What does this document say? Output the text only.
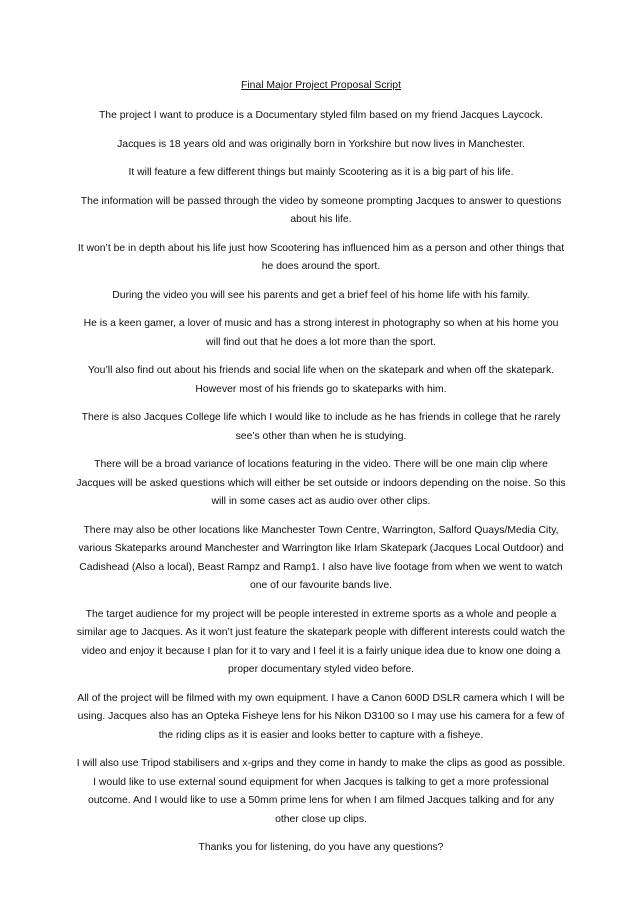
Final Major Project Proposal Script

The project I want to produce is a Documentary styled film based on my friend Jacques Laycock.

Jacques is 18 years old and was originally born in Yorkshire but now lives in Manchester.

It will feature a few different things but mainly Scootering as it is a big part of his life.

The information will be passed through the video by someone prompting Jacques to answer to questions about his life.

It won’t be in depth about his life just how Scootering has influenced him as a person and other things that he does around the sport.

During the video you will see his parents and get a brief feel of his home life with his family.

He is a keen gamer, a lover of music and has a strong interest in photography so when at his home you will find out that he does a lot more than the sport.

You’ll also find out about his friends and social life when on the skatepark and when off the skatepark. However most of his friends go to skateparks with him.

There is also Jacques College life which I would like to include as he has friends in college that he rarely see’s other than when he is studying.

There will be a broad variance of locations featuring in the video. There will be one main clip where Jacques will be asked questions which will either be set outside or indoors depending on the noise. So this will in some cases act as audio over other clips.

There may also be other locations like Manchester Town Centre, Warrington, Salford Quays/Media City, various Skateparks around Manchester and Warrington like Irlam Skatepark (Jacques Local Outdoor) and Cadishead (Also a local), Beast Rampz and Ramp1. I also have live footage from when we went to watch one of our favourite bands live.

The target audience for my project will be people interested in extreme sports as a whole and people a similar age to Jacques. As it won’t just feature the skatepark people with different interests could watch the video and enjoy it because I plan for it to vary and I feel it is a fairly unique idea due to know one doing a proper documentary styled video before.

All of the project will be filmed with my own equipment. I have a Canon 600D DSLR camera which I will be using. Jacques also has an Opteka Fisheye lens for his Nikon D3100 so I may use his camera for a few of the riding clips as it is easier and looks better to capture with a fisheye.

I will also use Tripod stabilisers and x-grips and they come in handy to make the clips as good as possible. I would like to use external sound equipment for when Jacques is talking to get a more professional outcome. And I would like to use a 50mm prime lens for when I am filmed Jacques talking and for any other close up clips.

Thanks you for listening, do you have any questions?
